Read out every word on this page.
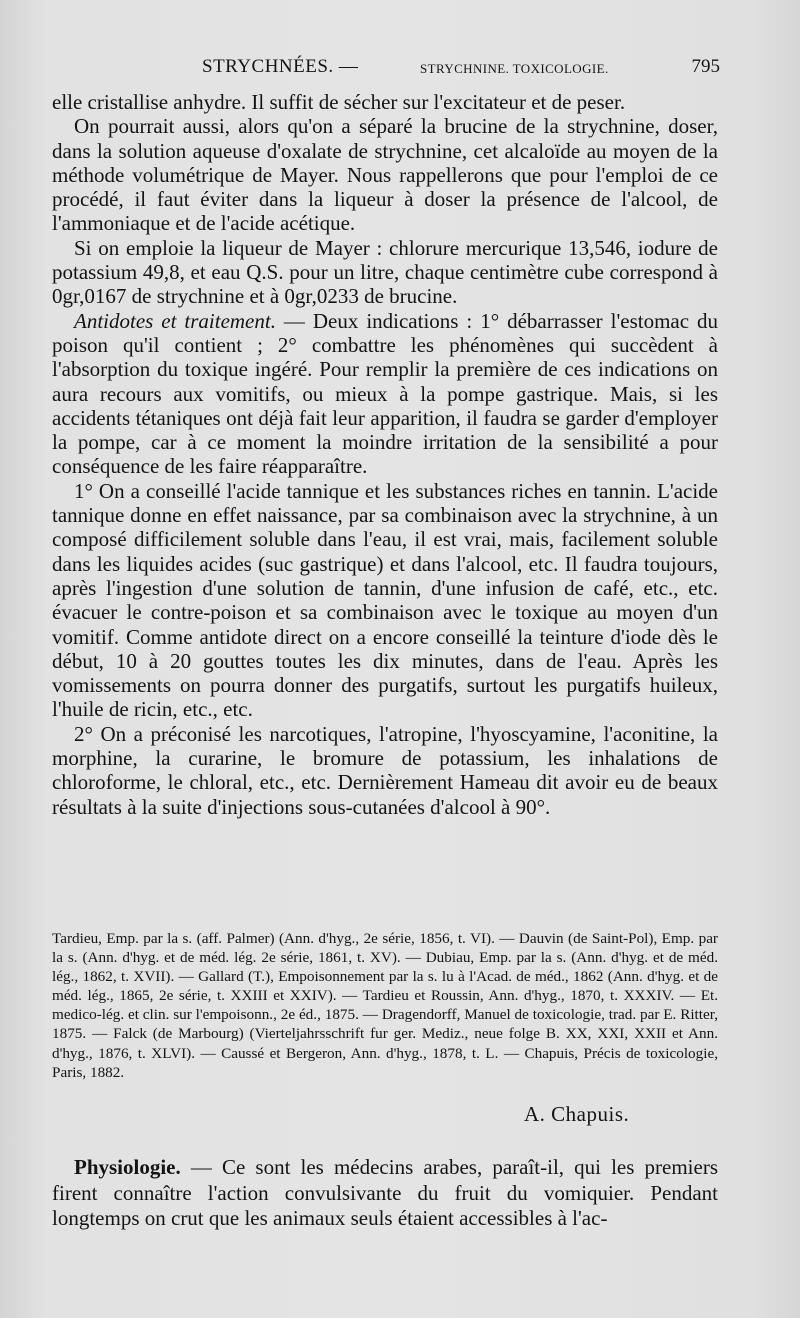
STRYCHNÉES. —	STRYCHNINE. TOXICOLOGIE.	795

elle cristallise anhydre. Il suffit de sécher sur l'excitateur et de peser.

On pourrait aussi, alors qu'on a séparé la brucine de la strychnine, doser, dans la solution aqueuse d'oxalate de strychnine, cet alcaloïde au moyen de la méthode volumétrique de Mayer. Nous rappellerons que pour l'emploi de ce procédé, il faut éviter dans la liqueur à doser la présence de l'alcool, de l'ammoniaque et de l'acide acétique.

Si on emploie la liqueur de Mayer : chlorure mercurique 13,546, iodure de potassium 49,8, et eau Q.S. pour un litre, chaque centimètre cube correspond à 0gr,0167 de strychnine et à 0gr,0233 de brucine.

Antidotes et traitement. — Deux indications : 1° débarrasser l'estomac du poison qu'il contient ; 2° combattre les phénomènes qui succèdent à l'absorption du toxique ingéré. Pour remplir la première de ces indications on aura recours aux vomitifs, ou mieux à la pompe gastrique. Mais, si les accidents tétaniques ont déjà fait leur apparition, il faudra se garder d'employer la pompe, car à ce moment la moindre irritation de la sensibilité a pour conséquence de les faire réapparaître.

1° On a conseillé l'acide tannique et les substances riches en tannin. L'acide tannique donne en effet naissance, par sa combinaison avec la strychnine, à un composé difficilement soluble dans l'eau, il est vrai, mais, facilement soluble dans les liquides acides (suc gastrique) et dans l'alcool, etc. Il faudra toujours, après l'ingestion d'une solution de tannin, d'une infusion de café, etc., etc. évacuer le contre-poison et sa combinaison avec le toxique au moyen d'un vomitif. Comme antidote direct on a encore conseillé la teinture d'iode dès le début, 10 à 20 gouttes toutes les dix minutes, dans de l'eau. Après les vomissements on pourra donner des purgatifs, surtout les purgatifs huileux, l'huile de ricin, etc., etc.

2° On a préconisé les narcotiques, l'atropine, l'hyoscyamine, l'aconitine, la morphine, la curarine, le bromure de potassium, les inhalations de chloroforme, le chloral, etc., etc. Dernièrement Hameau dit avoir eu de beaux résultats à la suite d'injections sous-cutanées d'alcool à 90°.

Tardieu, Emp. par la s. (aff. Palmer) (Ann. d'hyg., 2e série, 1856, t. VI). — Dauvin (de Saint-Pol), Emp. par la s. (Ann. d'hyg. et de méd. lég. 2e série, 1861, t. XV). — Dubiau, Emp. par la s. (Ann. d'hyg. et de méd. lég., 1862, t. XVII). — Gallard (T.), Empoisonnement par la s. lu à l'Acad. de méd., 1862 (Ann. d'hyg. et de méd. lég., 1865, 2e série, t. XXIII et XXIV). — Tardieu et Roussin, Ann. d'hyg., 1870, t. XXXIV. — Et. medico-lég. et clin. sur l'empoisonn., 2e éd., 1875. — Dragendorff, Manuel de toxicologie, trad. par E. Ritter, 1875. — Falck (de Marbourg) (Vierteljahrsschrift fur ger. Mediz., neue folge B. XX, XXI, XXII et Ann. d'hyg., 1876, t. XLVI). — Caussé et Bergeron, Ann. d'hyg., 1878, t. L. — Chapuis, Précis de toxicologie, Paris, 1882.

A. Chapuis.

Physiologie. — Ce sont les médecins arabes, paraît-il, qui les premiers firent connaître l'action convulsivante du fruit du vomiquier. Pendant longtemps on crut que les animaux seuls étaient accessibles à l'ac-
